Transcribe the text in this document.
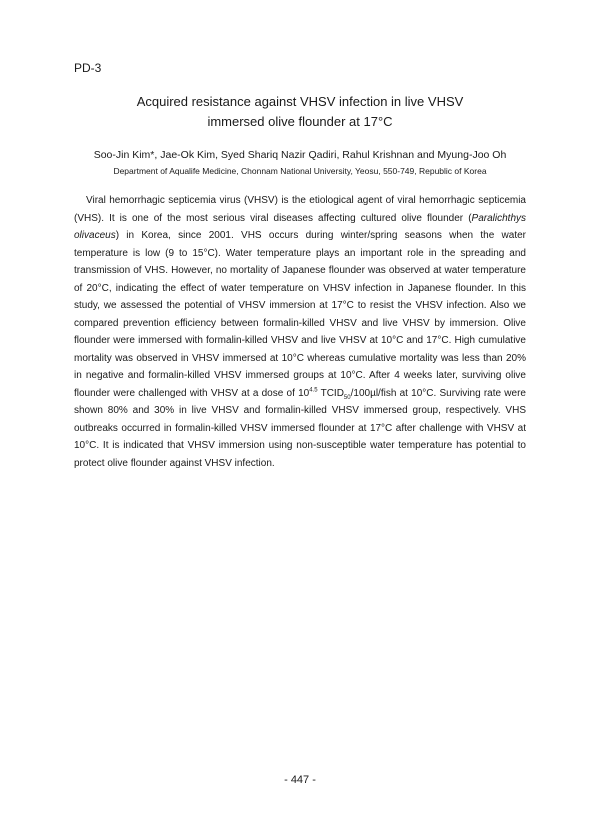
PD-3
Acquired resistance against VHSV infection in live VHSV
immersed olive flounder at 17°C
Soo-Jin Kim*, Jae-Ok Kim, Syed Shariq Nazir Qadiri, Rahul Krishnan and Myung-Joo Oh
Department of Aqualife Medicine, Chonnam National University, Yeosu, 550-749, Republic of Korea

Viral hemorrhagic septicemia virus (VHSV) is the etiological agent of viral hemorrhagic septicemia (VHS). It is one of the most serious viral diseases affecting cultured olive flounder (Paralichthys olivaceus) in Korea, since 2001. VHS occurs during winter/spring seasons when the water temperature is low (9 to 15°C). Water temperature plays an important role in the spreading and transmission of VHS. However, no mortality of Japanese flounder was observed at water temperature of 20°C, indicating the effect of water temperature on VHSV infection in Japanese flounder. In this study, we assessed the potential of VHSV immersion at 17°C to resist the VHSV infection. Also we compared prevention efficiency between formalin-killed VHSV and live VHSV by immersion. Olive flounder were immersed with formalin-killed VHSV and live VHSV at 10°C and 17°C. High cumulative mortality was observed in VHSV immersed at 10°C whereas cumulative mortality was less than 20% in negative and formalin-killed VHSV immersed groups at 10°C. After 4 weeks later, surviving olive flounder were challenged with VHSV at a dose of $10^{4.5}$ $TCID_{50}/100\mu l$/fish at 10°C. Surviving rate were shown 80% and 30% in live VHSV and formalin-killed VHSV immersed group, respectively. VHS outbreaks occurred in formalin-killed VHSV immersed flounder at 17°C after challenge with VHSV at 10°C. It is indicated that VHSV immersion using non-susceptible water temperature has potential to protect olive flounder against VHSV infection.

- 447 -
